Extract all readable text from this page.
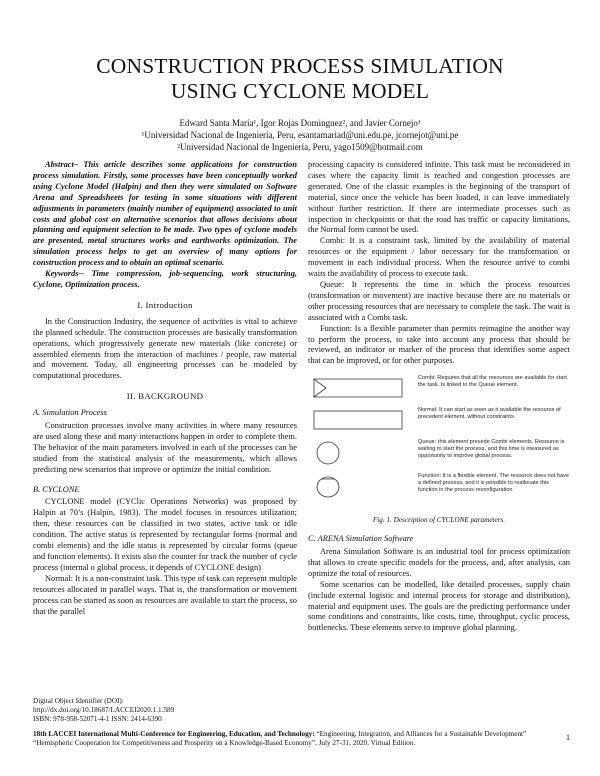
CONSTRUCTION PROCESS SIMULATION
USING CYCLONE MODEL
Edward Santa María¹, Igor Rojas Dominguez², and Javier Cornejo¹
¹Universidad Nacional de Ingeniería, Peru, esantamariad@uni.edu.pe, jcornejot@uni.pe
²Universidad Nacional de Ingeniería, Peru, yago1509@hotmail.com

Abstract– This article describes some applications for construction process simulation. Firstly, some processes have been conceptually worked using Cyclone Model (Halpin) and then they were simulated on Software Arena and Spreadsheets for testing in some situations with different adjustments in parameters (mainly number of equipment) associated to unit costs and global cost on alternative scenarios that allows decisions about planning and equipment selection to be made. Two types of cyclone models are presented, metal structures works and earthworks optimization. The simulation process helps to get an overview of many options for construction process and to obtain an optimal scenario.

Keywords-- Time compression, job-sequencing, work structuring, Cyclone, Optimization process.

I. Introduction

In the Construction Industry, the sequence of activities is vital to achieve the planned schedule. The construction processes are basically transformation operations, which progressively generate new materials (like concrete) or assembled elements from the interaction of machines / people, raw material and movement. Today, all engineering processes can be modeled by computational procedures.

II. BACKGROUND
A. Simulation Process

Construction processes involve many activities in where many resources are used along these and many interactions happen in order to complete them. The behavior of the main parameters involved in each of the processes can be studied from the statistical analysis of the measurements, which allows predicting new scenarios that improve or optimize the initial condition.

B. CYCLONE

CYCLONE model (CYClic Operations Networks) was proposed by Halpin at 70’s (Halpin, 1983). The model focuses in resources utilization; then, these resources can be classified in two states, active task or idle condition. The active status is represented by rectangular forms (normal and combi elements) and the idle status is represented by circular forms (queue and function elements). It exists also the counter for track the number of cycle process (internal o global process, it depends of CYCLONE design)

Normal: It is a non-constraint task. This type of task can represent multiple resources allocated in parallel ways. That is, the transformation or movement process can be started as soon as resources are available to start the process, so that the parallel

processing capacity is considered infinite. This task must be reconsidered in cases where the capacity limit is reached and congestion processes are generated. One of the classic examples is the beginning of the transport of material, since once the vehicle has been loaded, it can leave immediately without further restriction. If there are intermediate processes such as inspection in checkpoints or that the road has traffic or capacity limitations, the Normal form cannot be used.

Combi: It is a constraint task, limited by the availability of material resources or the equipment / labor necessary for the transformation or movement in each individual process. When the resource arrive to combi waits the availability of process to execute task.

Queue: It represents the time in which the process resources (transformation or movement) are inactive because there are no materials or other processing resources that are necessary to complete the task. The wait is associated with a Combi task.

Function: Is a flexible parameter than permits reimagine the another way to perform the process, to take into account any process that should be reviewed, an indicator or marker of the process that identifies some aspect that can be improved, or for other purposes.

Combi: Requires that all the resources are available for start the task. Is linked to the Queue element.
Normal: It can start as soon as it available the resource of precedent element, without constraints.
Queue: this element precede Combi elements. Resource is waiting to start the process, and this time is measured as opportunity to improve global process.
Function: It is a flexible element. The resource does not have a defined process, and it is possible to reallocate this function in the process reconfiguration
Fig. 1. Description of CYCLONE parameters.
C. ARENA Simulation Software

Arena Simulation Software is an industrial tool for process optimization that allows to create specific models for the process, and, after analysis, can optimize the total of resources.

Some scenarios can be modelled, like detailed processes, supply chain (include external logistic and internal process for storage and distribution), material and equipment uses. The goals are the predicting performance under some conditions and constraints, like costs, time, throughput, cyclic process, bottlenecks. These elements serve to improve global planning.

Digital Object Identifier (DOI):
http://dx.doi.org/10.18687/LACCEI2020.1.1.589
ISBN: 978-958-52071-4-1 ISSN: 2414-6390
18th LACCEI International Multi-Conference for Engineering, Education, and Technology: “Engineering, Integration, and Alliances for a Sustainable Development” “Hemispheric Cooperation for Competitiveness and Prosperity on a Knowledge-Based Economy”, July 27-31, 2020, Virtual Edition.
1
